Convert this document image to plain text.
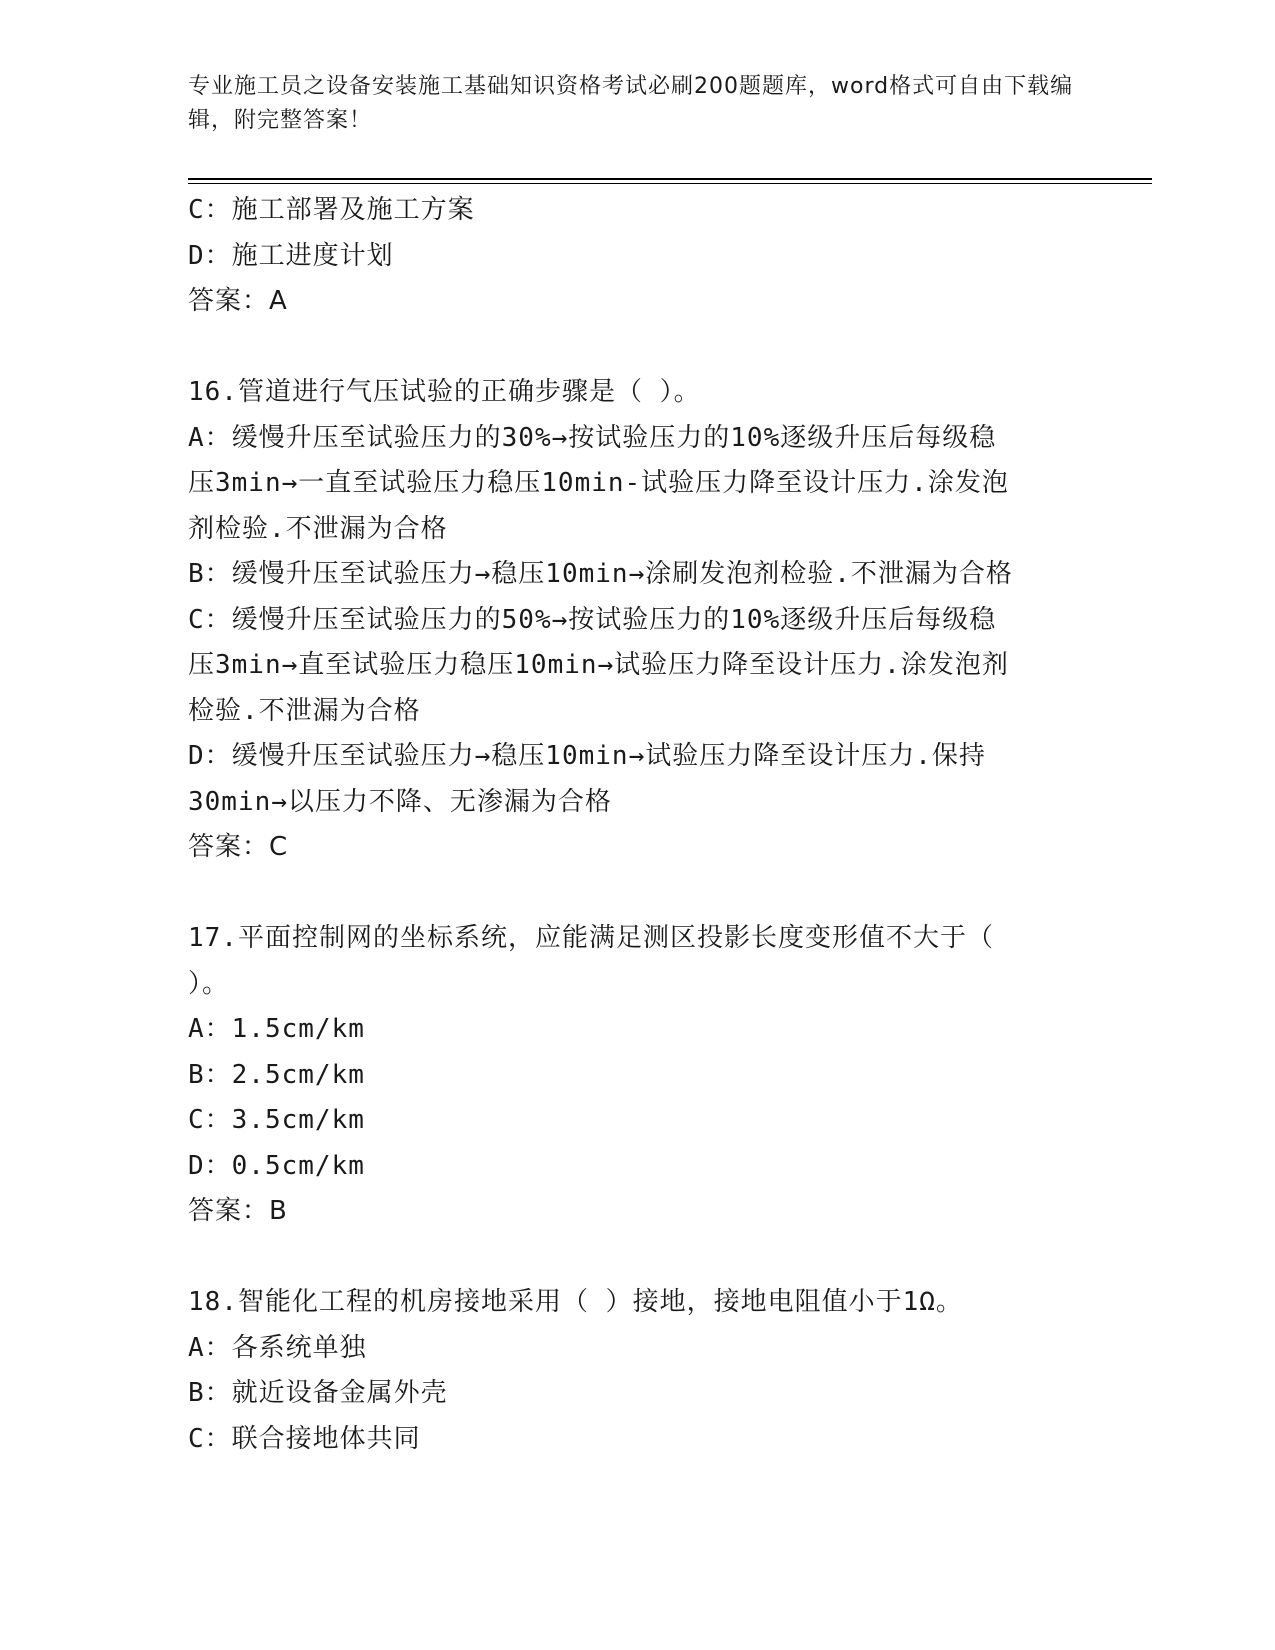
专业施工员之设备安装施工基础知识资格考试必刷200题题库，word格式可自由下载编辑，附完整答案！
C：施工部署及施工方案
D：施工进度计划
答案：A
16.管道进行气压试验的正确步骤是（ ）。
A：缓慢升压至试验压力的30%→按试验压力的10%逐级升压后每级稳
压3min→一直至试验压力稳压10min-试验压力降至设计压力.涂发泡
剂检验.不泄漏为合格
B：缓慢升压至试验压力→稳压10min→涂刷发泡剂检验.不泄漏为合格
C：缓慢升压至试验压力的50%→按试验压力的10%逐级升压后每级稳
压3min→直至试验压力稳压10min→试验压力降至设计压力.涂发泡剂
检验.不泄漏为合格
D：缓慢升压至试验压力→稳压10min→试验压力降至设计压力.保持
30min→以压力不降、无渗漏为合格
答案：C
17.平面控制网的坐标系统，应能满足测区投影长度变形值不大于（
）。
A：1.5cm/km
B：2.5cm/km
C：3.5cm/km
D：0.5cm/km
答案：B
18.智能化工程的机房接地采用（ ）接地，接地电阻值小于1Ω。
A：各系统单独
B：就近设备金属外壳
C：联合接地体共同
